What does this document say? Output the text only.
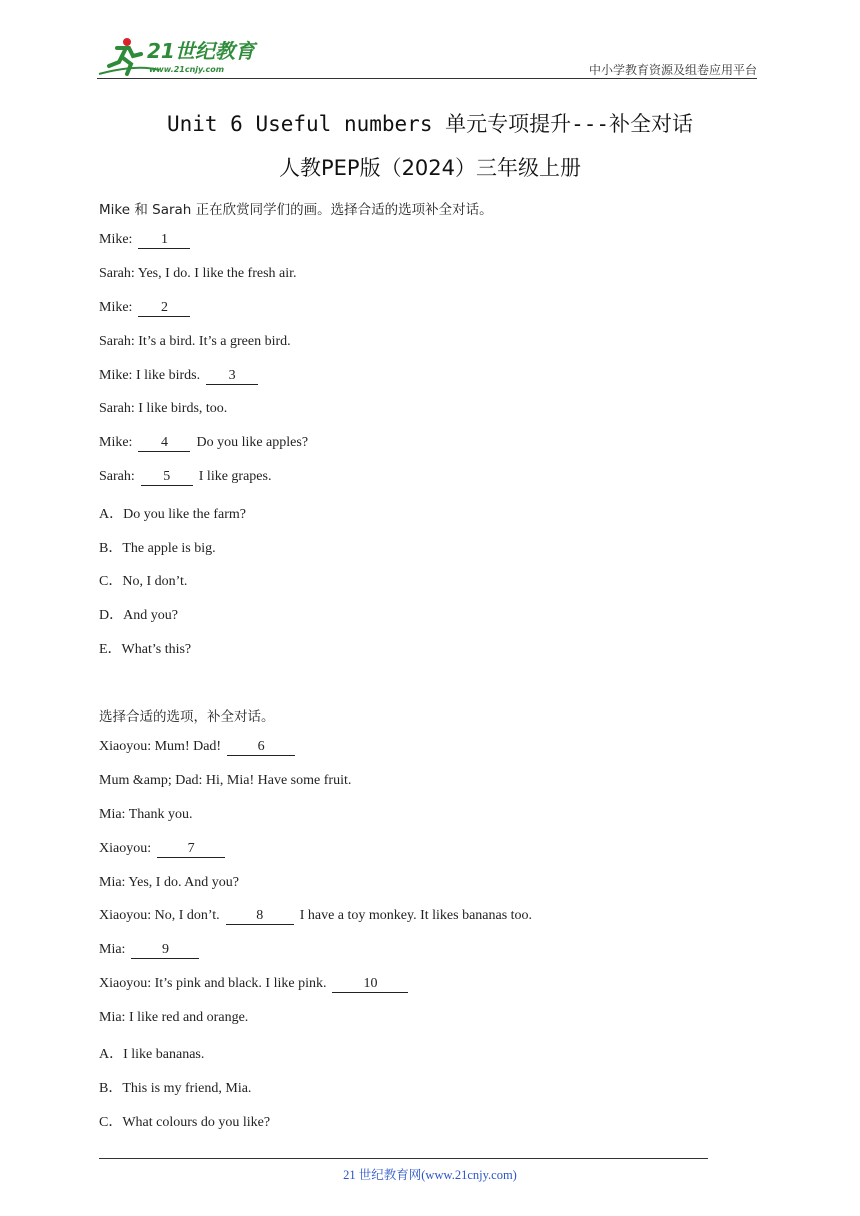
21世纪教育
www.21cnjy.com	中小学教育资源及组卷应用平台
Unit 6 Useful numbers 单元专项提升---补全对话
人教PEP版（2024）三年级上册
Mike 和 Sarah 正在欣赏同学们的画。选择合适的选项补全对话。
Mike: 1
Sarah: Yes, I do. I like the fresh air.
Mike: 2
Sarah: It’s a bird. It’s a green bird.
Mike: I like birds. 3
Sarah: I like birds, too.
Mike: 4 Do you like apples?
Sarah: 5 I like grapes.
A．Do you like the farm?
B．The apple is big.
C．No, I don’t.
D．And you?
E．What’s this?
选择合适的选项，补全对话。
Xiaoyou: Mum! Dad!	6
Mum &amp; Dad: Hi, Mia! Have some fruit.
Mia: Thank you.
Xiaoyou:	7
Mia: Yes, I do. And you?
Xiaoyou: No, I don’t.	8	I have a toy monkey. It likes bananas too.
Mia:	9
Xiaoyou: It’s pink and black. I like pink.	10
Mia: I like red and orange.
A．I like bananas.
B．This is my friend, Mia.
C．What colours do you like?
21 世纪教育网(www.21cnjy.com)
